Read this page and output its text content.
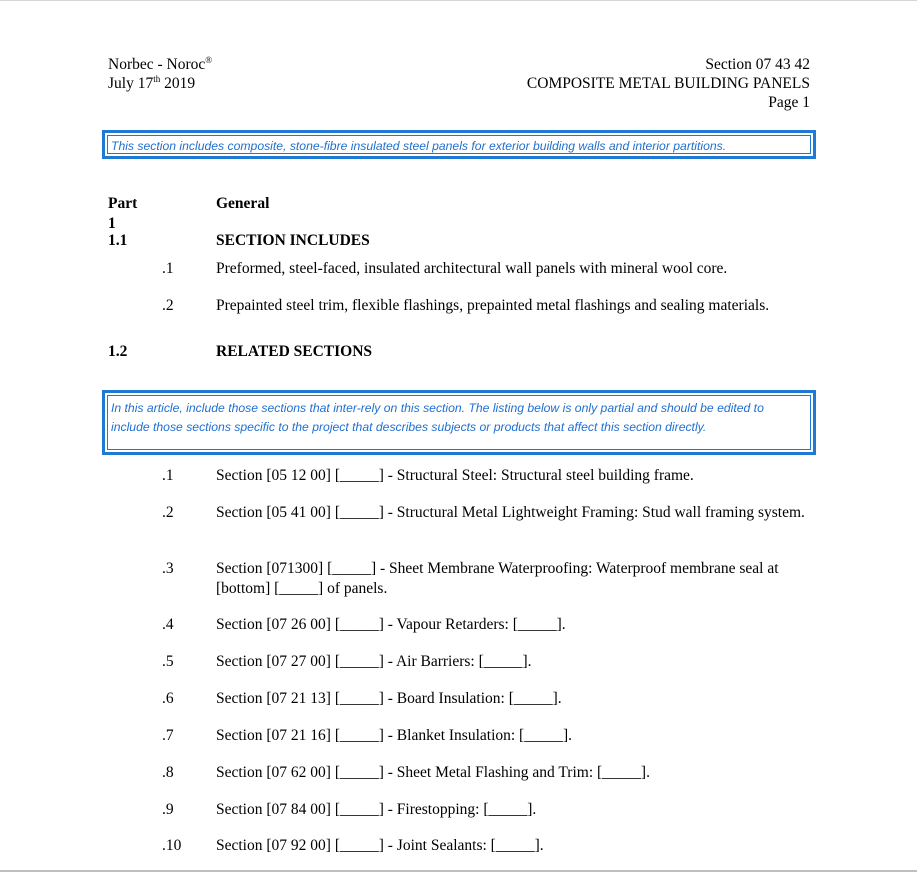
Norbec - Noroc®
July 17th 2019
Section 07 43 42
COMPOSITE METAL BUILDING PANELS
Page 1
This section includes composite, stone-fibre insulated steel panels for exterior building walls and interior partitions.
Part 1
General
1.1	SECTION INCLUDES
.1	Preformed, steel-faced, insulated architectural wall panels with mineral wool core.
.2	Prepainted steel trim, flexible flashings, prepainted metal flashings and sealing materials.
1.2	RELATED SECTIONS
In this article, include those sections that inter-rely on this section. The listing below is only partial and should be edited to include those sections specific to the project that describes subjects or products that affect this section directly.
.1	Section [05 12 00] [_____] - Structural Steel: Structural steel building frame.
.2	Section [05 41 00] [_____] - Structural Metal Lightweight Framing: Stud wall framing system.
.3	Section [071300] [_____] - Sheet Membrane Waterproofing: Waterproof membrane seal at [bottom] [_____] of panels.
.4	Section [07 26 00] [_____] - Vapour Retarders: [_____].
.5	Section [07 27 00] [_____] - Air Barriers: [_____].
.6	Section [07 21 13] [_____] - Board Insulation: [_____].
.7	Section [07 21 16] [_____] - Blanket Insulation: [_____].
.8	Section [07 62 00] [_____] - Sheet Metal Flashing and Trim: [_____].
.9	Section [07 84 00] [_____] - Firestopping: [_____].
.10 Section [07 92 00] [_____] - Joint Sealants: [_____].
